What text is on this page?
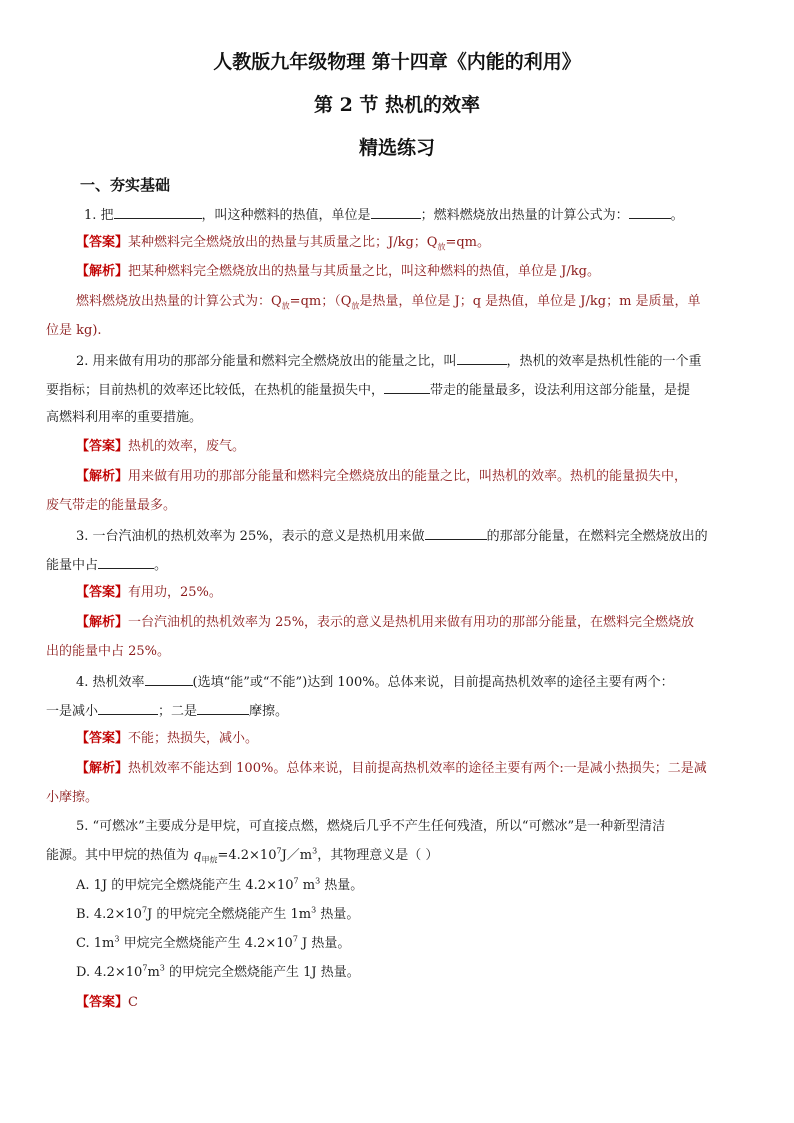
人教版九年级物理 第十四章《内能的利用》
第 2 节 热机的效率
精选练习
一、夯实基础
1. 把	，叫这种燃料的热值，单位是	；燃料燃烧放出热量的计算公式为：	。
【答案】某种燃料完全燃烧放出的热量与其质量之比；J/kg；$Q_放=qm$。
【解析】把某种燃料完全燃烧放出的热量与其质量之比，叫这种燃料的热值，单位是 J/kg。
燃料燃烧放出热量的计算公式为：$Q_放=qm$；（$Q_放$是热量，单位是 J；q 是热值，单位是 J/kg；m 是质量，单
位是 kg).
2. 用来做有用功的那部分能量和燃料完全燃烧放出的能量之比，叫	，热机的效率是热机性能的一个重
要指标；目前热机的效率还比较低，在热机的能量损失中，	带走的能量最多，设法利用这部分能量，是提
高燃料利用率的重要措施。
【答案】热机的效率，废气。
【解析】用来做有用功的那部分能量和燃料完全燃烧放出的能量之比，叫热机的效率。热机的能量损失中，
废气带走的能量最多。
3. 一台汽油机的热机效率为 25%，表示的意义是热机用来做	的那部分能量，在燃料完全燃烧放出的
能量中占	。
【答案】有用功，25%。
【解析】一台汽油机的热机效率为 25%，表示的意义是热机用来做有用功的那部分能量，在燃料完全燃烧放
出的能量中占 25%。
4. 热机效率	(选填“能”或“不能”)达到 100%。总体来说，目前提高热机效率的途径主要有两个：
一是减小	；二是	摩擦。
【答案】不能；热损失，减小。
【解析】热机效率不能达到 100%。总体来说，目前提高热机效率的途径主要有两个:一是减小热损失；二是减
小摩擦。
5. “可燃冰”主要成分是甲烷，可直接点燃，燃烧后几乎不产生任何残渣，所以“可燃冰”是一种新型清洁
能源。其中甲烷的热值为 $q_{甲烷}=4.2\times 10^7J/m^3$，其物理意义是（ ）
A. 1J 的甲烷完全燃烧能产生 $4.2\times 10^7$ $m^3$ 热量。
B. $4.2\times 10^7J$ 的甲烷完全燃烧能产生 $1m^3$ 热量。
C. $1m^3$ 甲烷完全燃烧能产生 $4.2\times 10^7$ J 热量。
D. $4.2\times 10^7m^3$ 的甲烷完全燃烧能产生 1J 热量。
【答案】C
